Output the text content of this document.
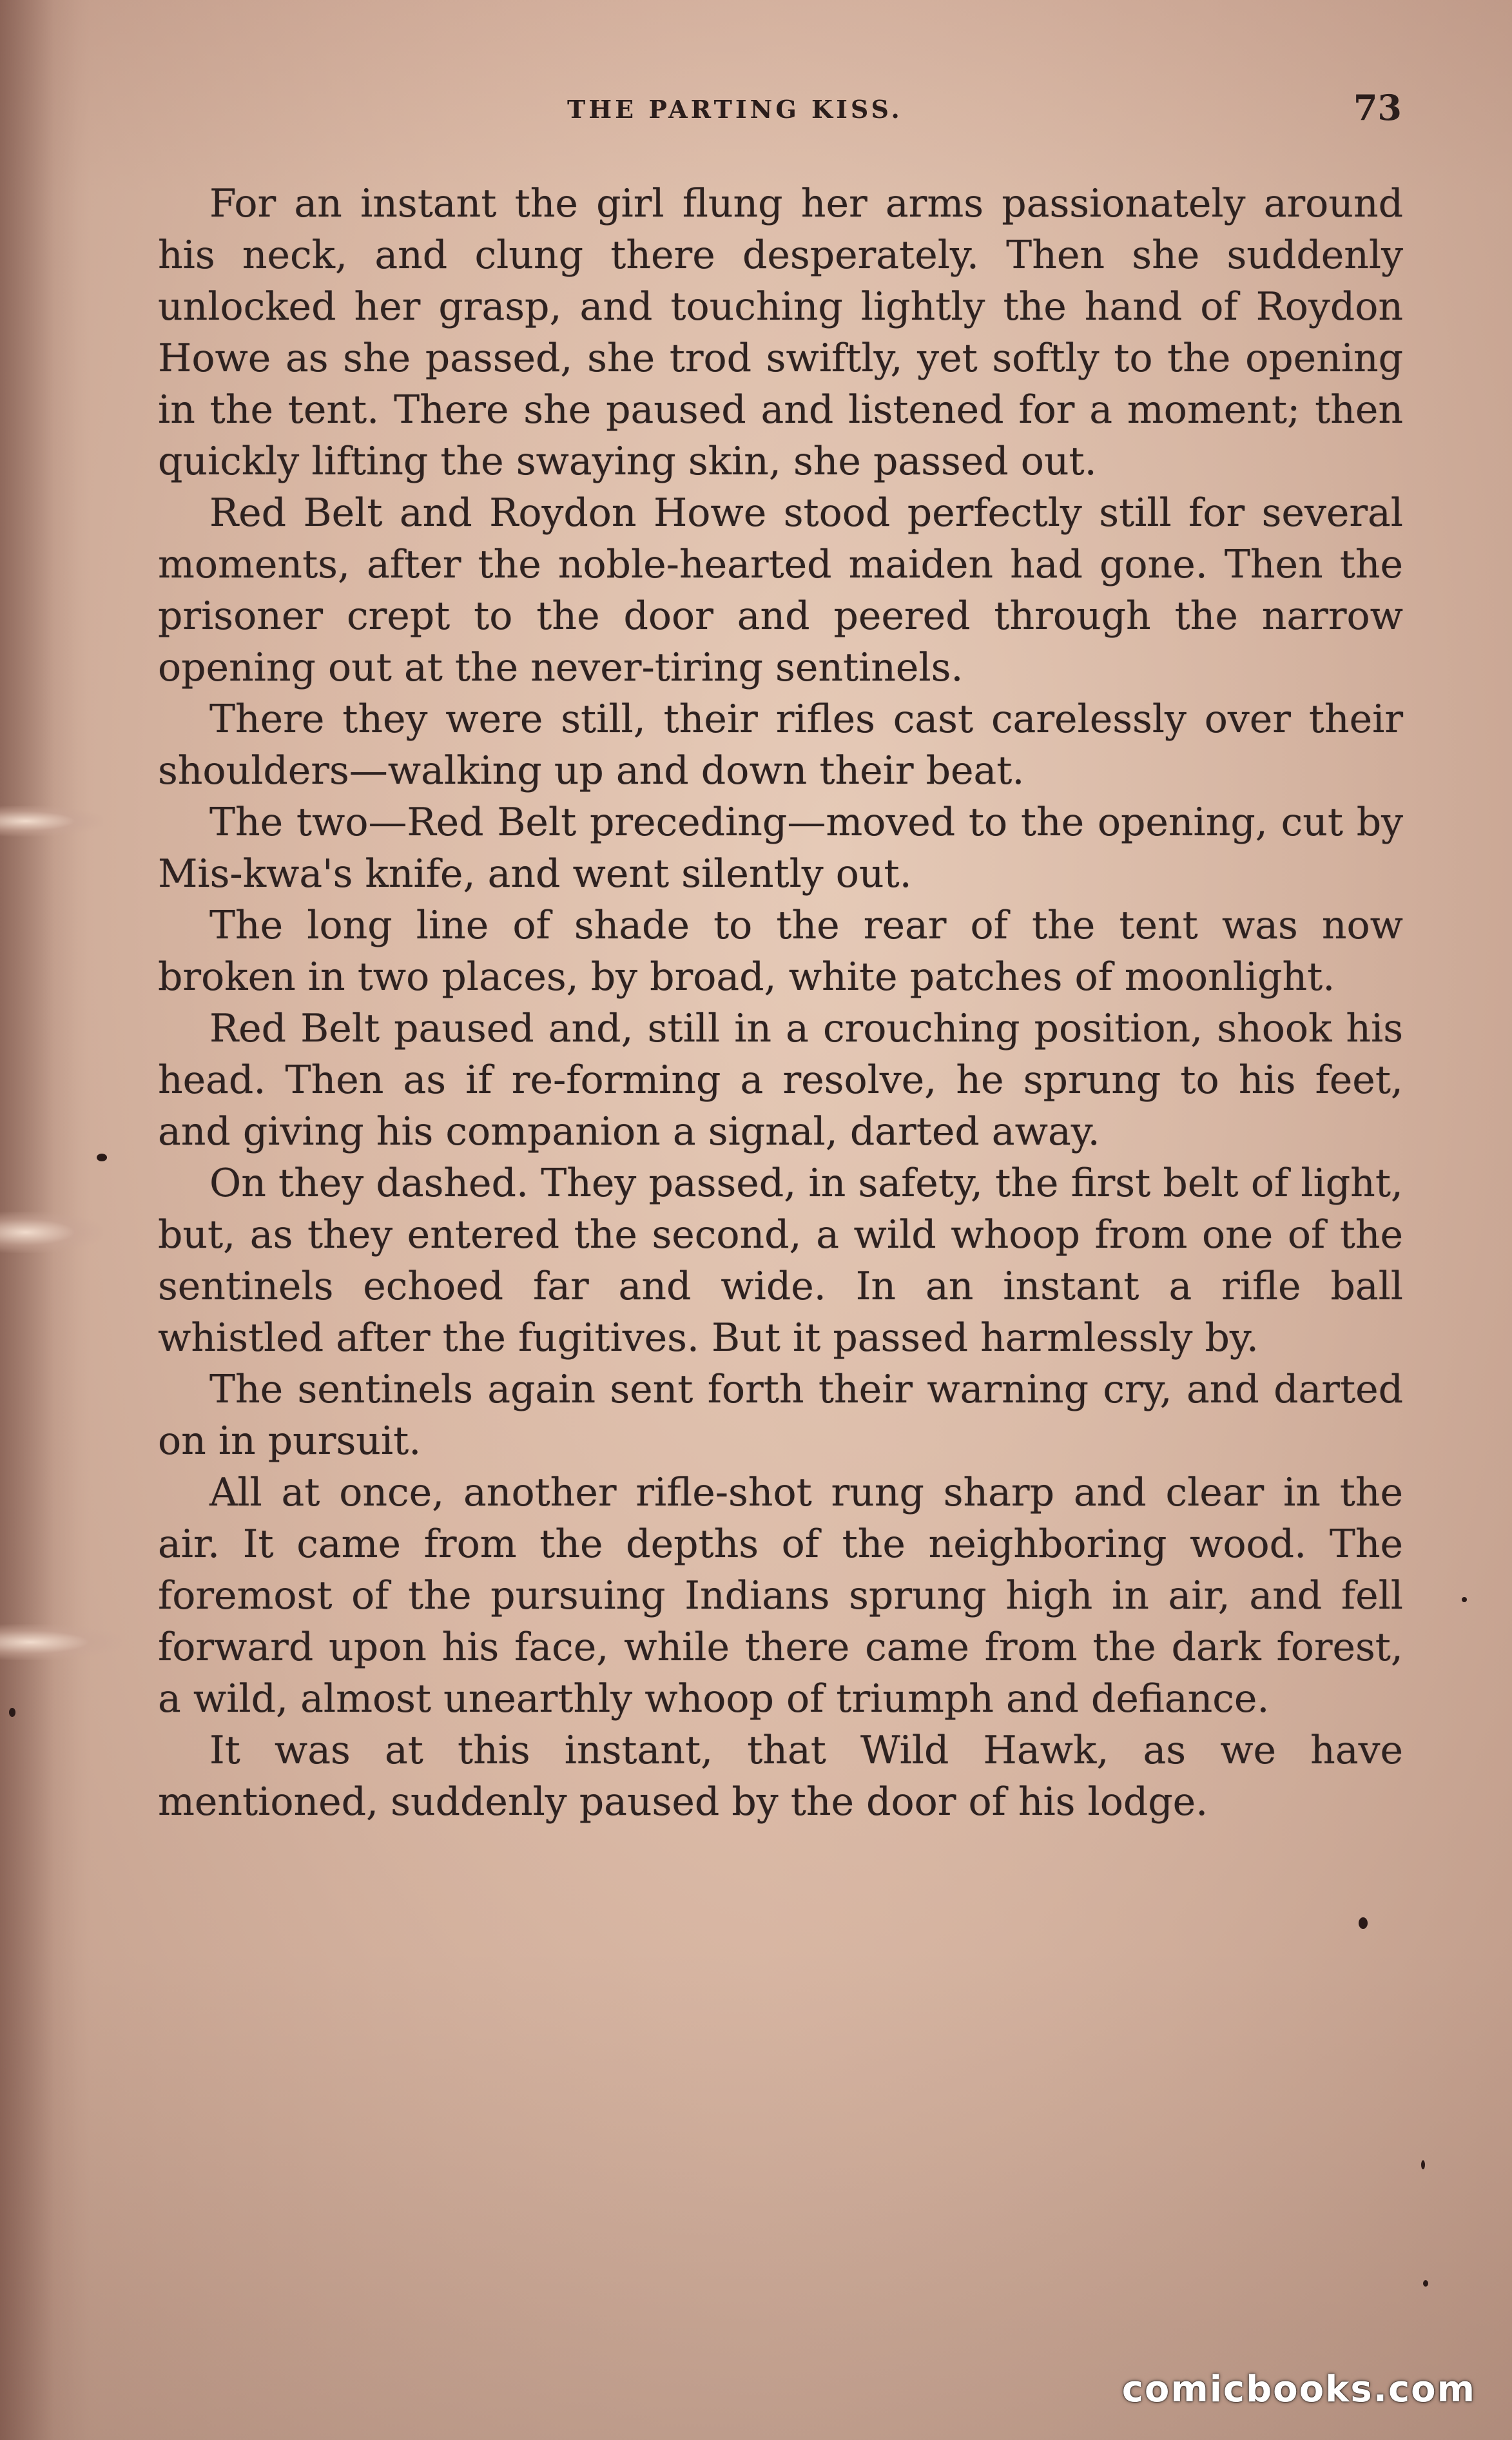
THE PARTING KISS.	73

For an instant the girl flung her arms passionately around his neck, and clung there desperately. Then she suddenly unlocked her grasp, and touching lightly the hand of Roydon Howe as she passed, she trod swiftly, yet softly to the opening in the tent. There she paused and listened for a moment; then quickly lifting the swaying skin, she passed out.

Red Belt and Roydon Howe stood perfectly still for several moments, after the noble-hearted maiden had gone. Then the prisoner crept to the door and peered through the narrow opening out at the never-tiring sentinels.

There they were still, their rifles cast carelessly over their shoulders—walking up and down their beat.

The two—Red Belt preceding—moved to the opening, cut by Mis-kwa's knife, and went silently out.

The long line of shade to the rear of the tent was now broken in two places, by broad, white patches of moonlight.

Red Belt paused and, still in a crouching position, shook his head. Then as if re-forming a resolve, he sprung to his feet, and giving his companion a signal, darted away.

On they dashed. They passed, in safety, the first belt of light, but, as they entered the second, a wild whoop from one of the sentinels echoed far and wide. In an instant a rifle ball whistled after the fugitives. But it passed harmlessly by.

The sentinels again sent forth their warning cry, and darted on in pursuit.

All at once, another rifle-shot rung sharp and clear in the air. It came from the depths of the neighboring wood. The foremost of the pursuing Indians sprung high in air, and fell forward upon his face, while there came from the dark forest, a wild, almost unearthly whoop of triumph and defiance.

It was at this instant, that Wild Hawk, as we have mentioned, suddenly paused by the door of his lodge.

comicbooks.com
